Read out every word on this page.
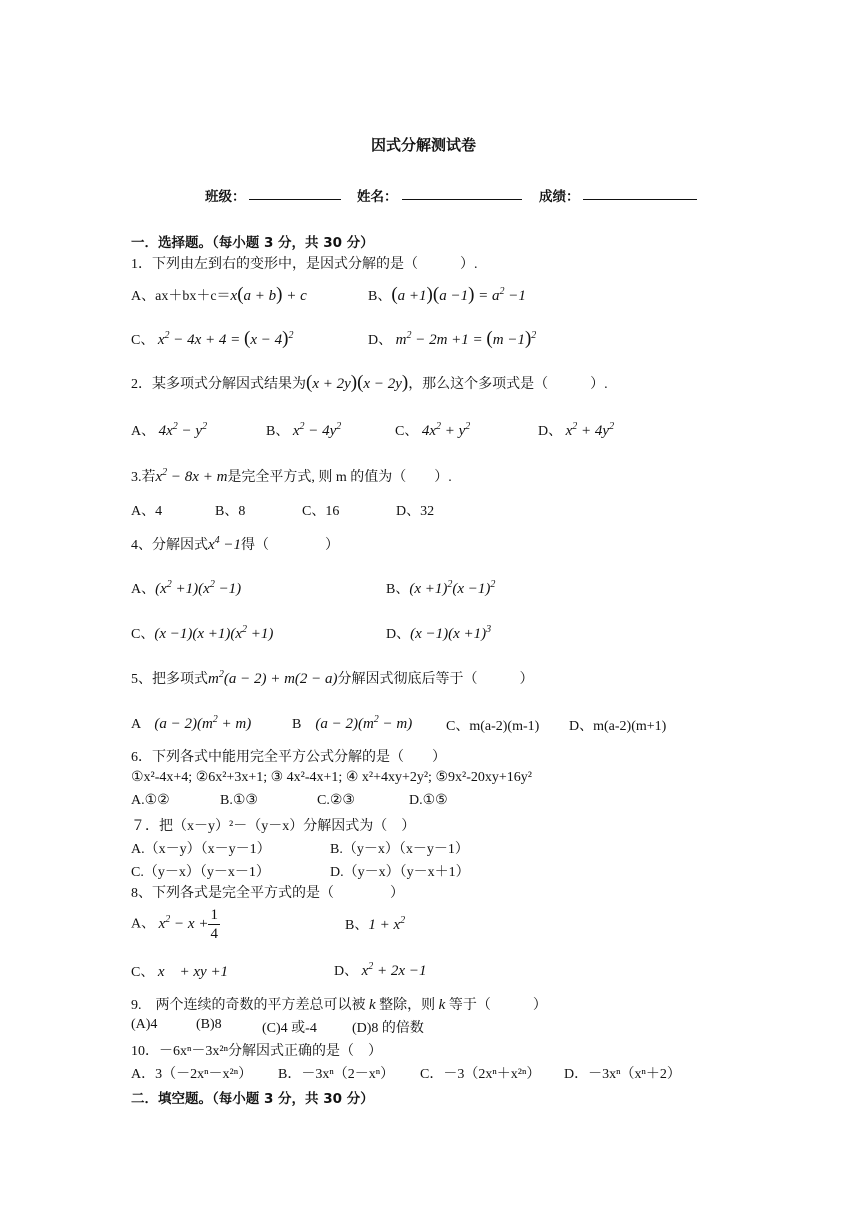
因式分解测试卷
班级：	姓名：	成绩：
一．选择题。（每小题 3 分，共 30 分）
1．下列由左到右的变形中，是因式分解的是（　　　）.
A、ax＋bx＋c＝x(a + b) + c	B、$(a +1)(a -1) = a^2 -1$
C、 $x^2 - 4x + 4 = (x - 4)^2$	D、 $m^2 - 2m +1 = (m -1)^2$
2．某多项式分解因式结果为(x + 2y)(x − 2y)，那么这个多项式是（　　　）.
A、 $4x^2 - y^2$	B、 $x^2 - 4y^2$	C、 $4x^2 + y^2$	D、 $x^2 + 4y^2$
3.若$x^2 - 8x + m$是完全平方式, 则 m 的值为（　　）.
A、4	B、8	C、16	D、32
4、分解因式$x^4 -1$得（　　　　）
A、$(x^2 +1)(x^2 -1)$	B、$(x +1)^2(x -1)^2$
C、$(x -1)(x +1)(x^2 +1)$	D、$(x -1)(x +1)^3$
5、把多项式$m^2(a - 2) + m(2 - a)$分解因式彻底后等于（　　　）
A　 $(a - 2)(m^2 + m)$	B　 $(a - 2)(m^2 - m)$ C、m(a-2)(m-1) D、m(a-2)(m+1)
6．下列各式中能用完全平方公式分解的是（　　）
①x²-4x+4; ②6x²+3x+1; ③ 4x²-4x+1; ④ x²+4xy+2y²; ⑤9x²-20xy+16y²
A.①②	B.①③	C.②③	D.①⑤
７．把（x－y）²－（y－x）分解因式为（　）
A.（x－y）（x－y－1）	B.（y－x）（x－y－1）
C.（y－x）（y－x－1）	D.（y－x）（y－x＋1）
8、下列各式是完全平方式的是（　　　　）
A、 $x^2 - x + \frac{1}{4}$	B、$1 + x^2$
C、 x　+ xy +1	D、 $x^2 + 2x -1$
9.　两个连续的奇数的平方差总可以被 k 整除，则 k 等于（　　　）
(A)4	(B)8	(C)4 或-4	(D)8 的倍数
10．－6xⁿ－3x²ⁿ分解因式正确的是（　）
A．3（－2xⁿ－x²ⁿ） B．－3xⁿ（2－xⁿ） C．－3（2xⁿ＋x²ⁿ） D．－3xⁿ（xⁿ＋2）
二．填空题。（每小题 3 分，共 30 分）
